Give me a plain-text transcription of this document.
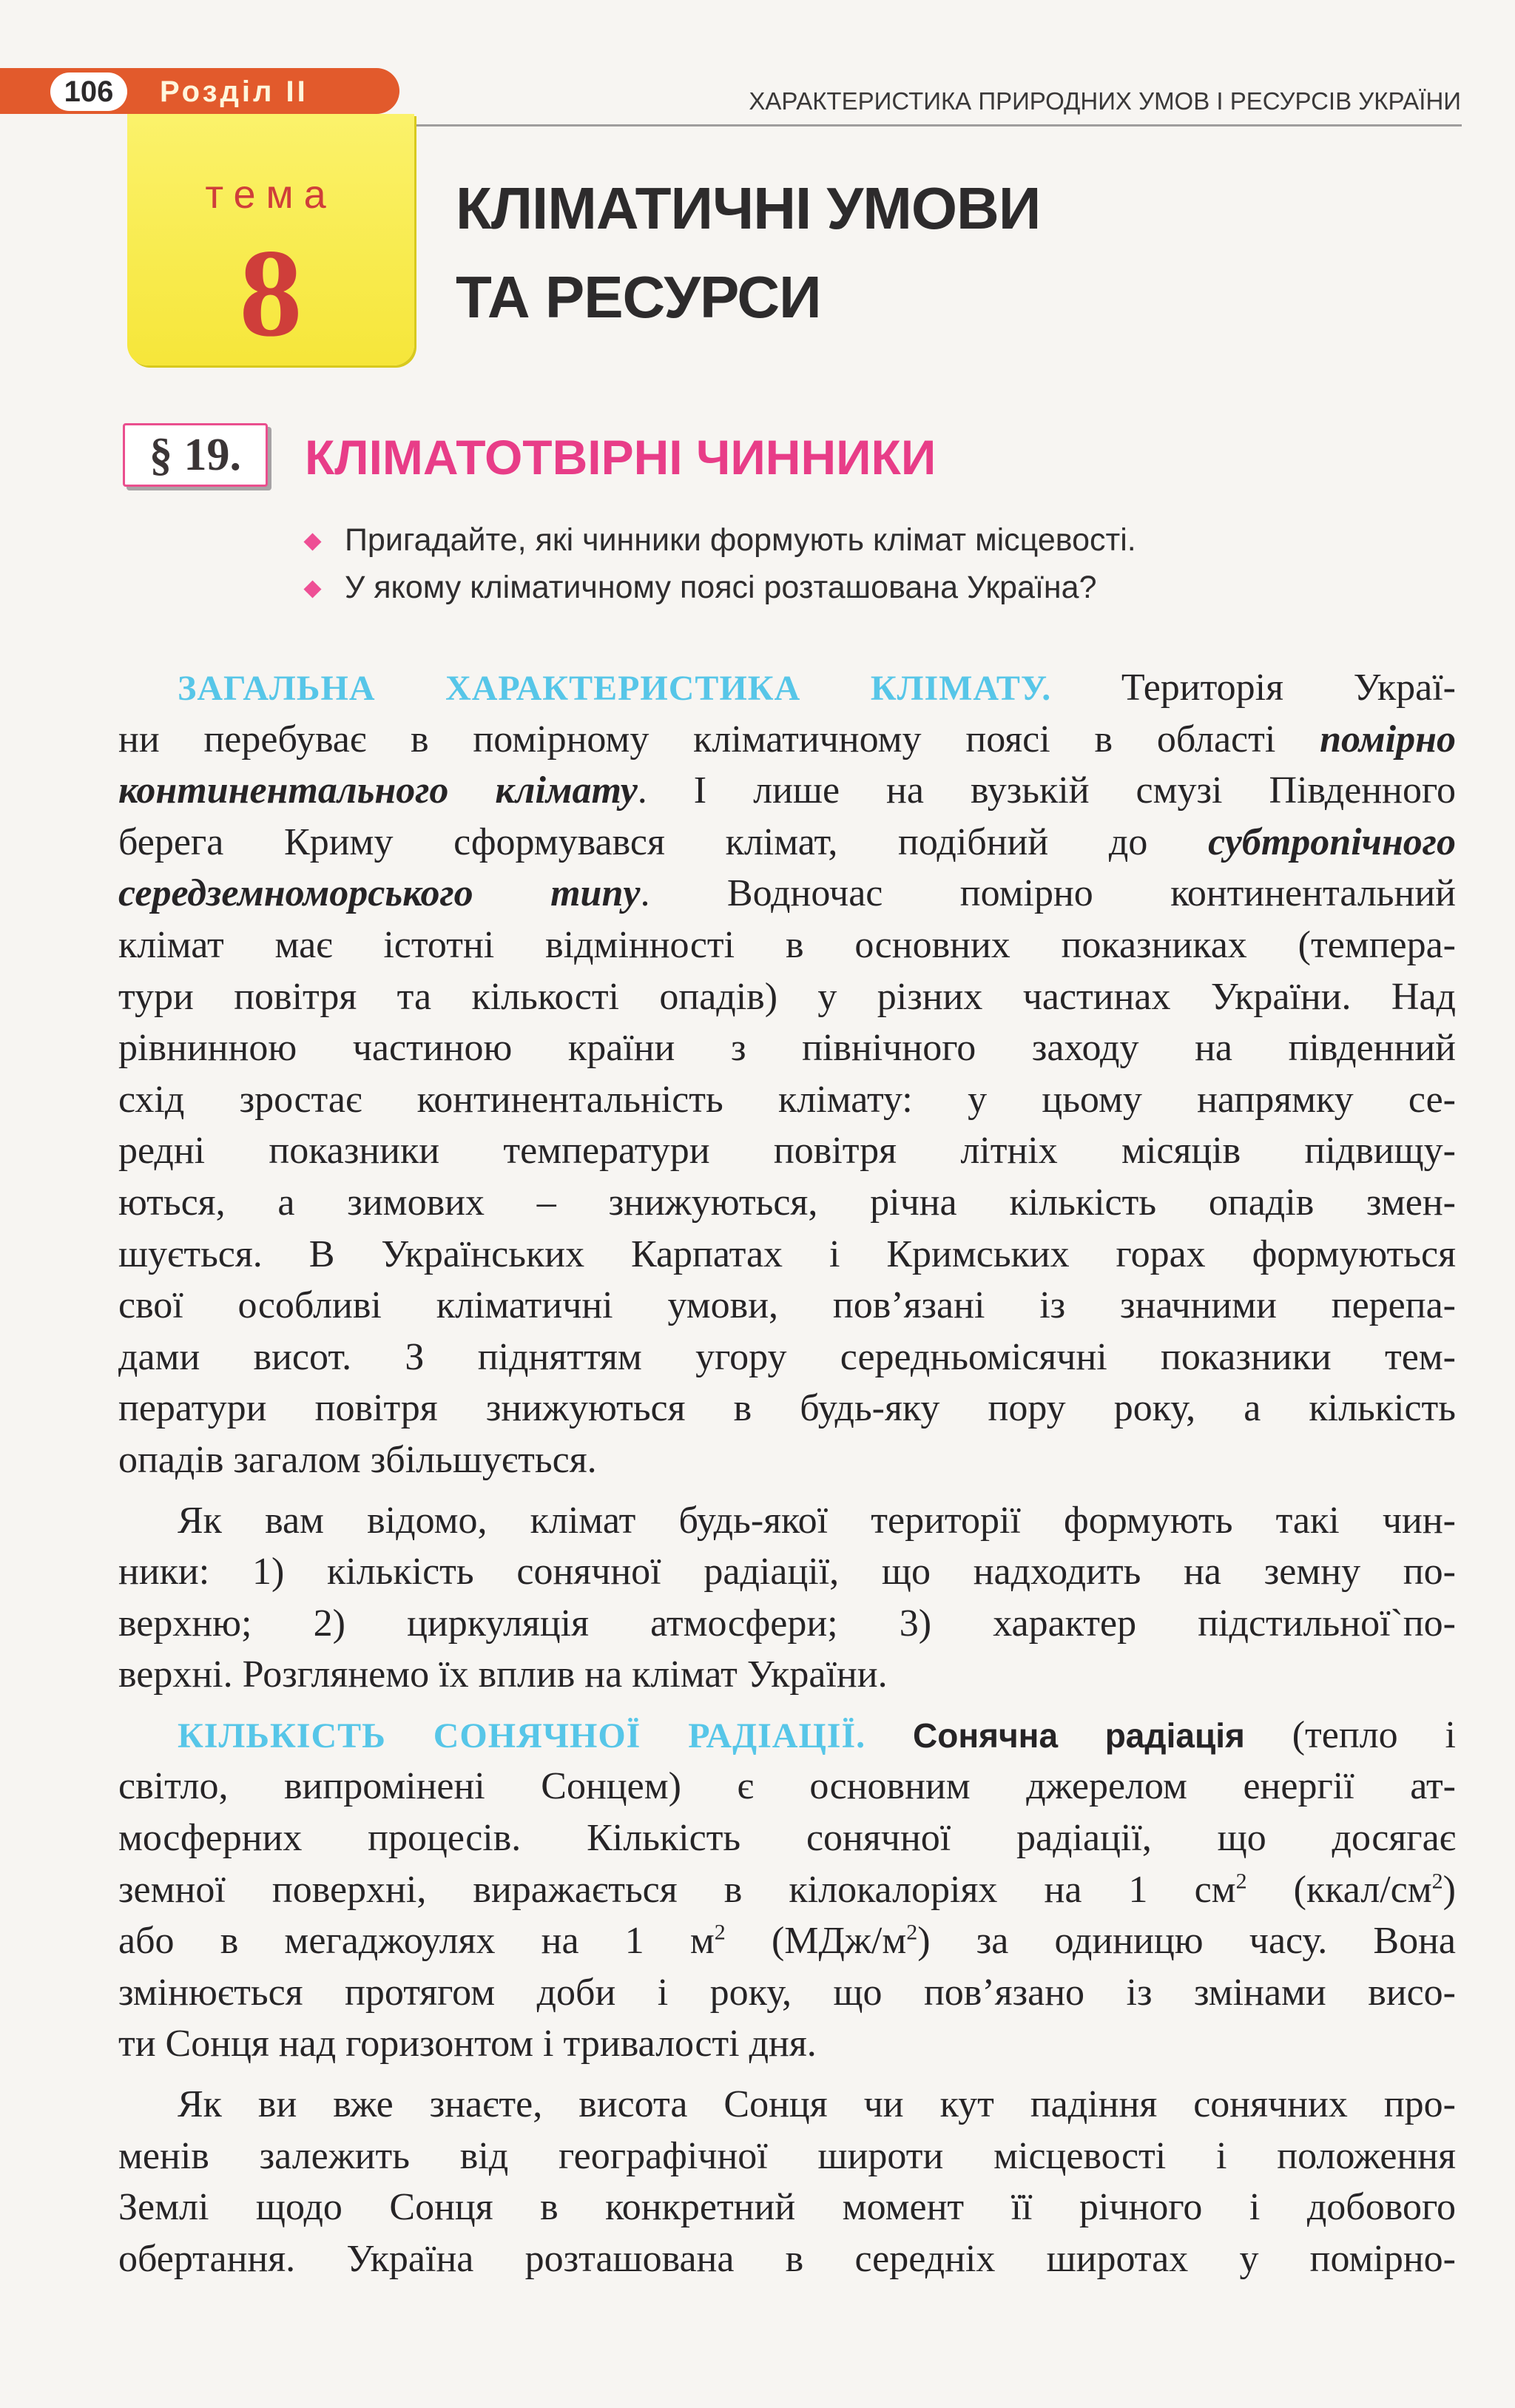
106	Розділ II	ХАРАКТЕРИСТИКА ПРИРОДНИХ УМОВ І РЕСУРСІВ УКРАЇНИ
тема
8
КЛІМАТИЧНІ УМОВИ
ТА РЕСУРСИ
§ 19.	КЛІМАТОТВІРНІ ЧИННИКИ
Пригадайте, які чинники формують клімат місцевості.
У якому кліматичному поясі розташована Україна?
ЗАГАЛЬНА ХАРАКТЕРИСТИКА КЛІМАТУ. Територія Украї-
ни перебуває в помірному кліматичному поясі в області помірно
континентального клімату. І лише на вузькій смузі Південного
берега Криму сформувався клімат, подібний до субтропічного
середземноморського типу. Водночас помірно континентальний
клімат має істотні відмінності в основних показниках (темпера-
тури повітря та кількості опадів) у різних частинах України. Над
рівнинною частиною країни з північного заходу на південний
схід зростає континентальність клімату: у цьому напрямку се-
редні показники температури повітря літніх місяців підвищу-
ються, а зимових – знижуються, річна кількість опадів змен-
шується. В Українських Карпатах і Кримських горах формуються
свої особливі кліматичні умови, пов’язані із значними перепа-
дами висот. З підняттям угору середньомісячні показники тем-
ператури повітря знижуються в будь-яку пору року, а кількість
опадів загалом збільшується.
Як вам відомо, клімат будь-якої території формують такі чин-
ники: 1) кількість сонячної радіації, що надходить на земну по-
верхню; 2) циркуляція атмосфери; 3) характер підстильної`по-
верхні. Розглянемо їх вплив на клімат України.
КІЛЬКІСТЬ СОНЯЧНОЇ РАДІАЦІЇ. Сонячна радіація (тепло і
світло, випромінені Сонцем) є основним джерелом енергії ат-
мосферних процесів. Кількість сонячної радіації, що досягає
земної поверхні, виражається в кілокалоріях на 1 $см^2$ $(ккал/см^2)$
або в мегаджоулях на 1 $м^2$ $(МДж/м^2)$ за одиницю часу. Вона
змінюється протягом доби і року, що пов’язано із змінами висо-
ти Сонця над горизонтом і тривалості дня.
Як ви вже знаєте, висота Сонця чи кут падіння сонячних про-
менів залежить від географічної широти місцевості і положення
Землі щодо Сонця в конкретний момент її річного і добового
обертання. Україна розташована в середніх широтах у помірно-
